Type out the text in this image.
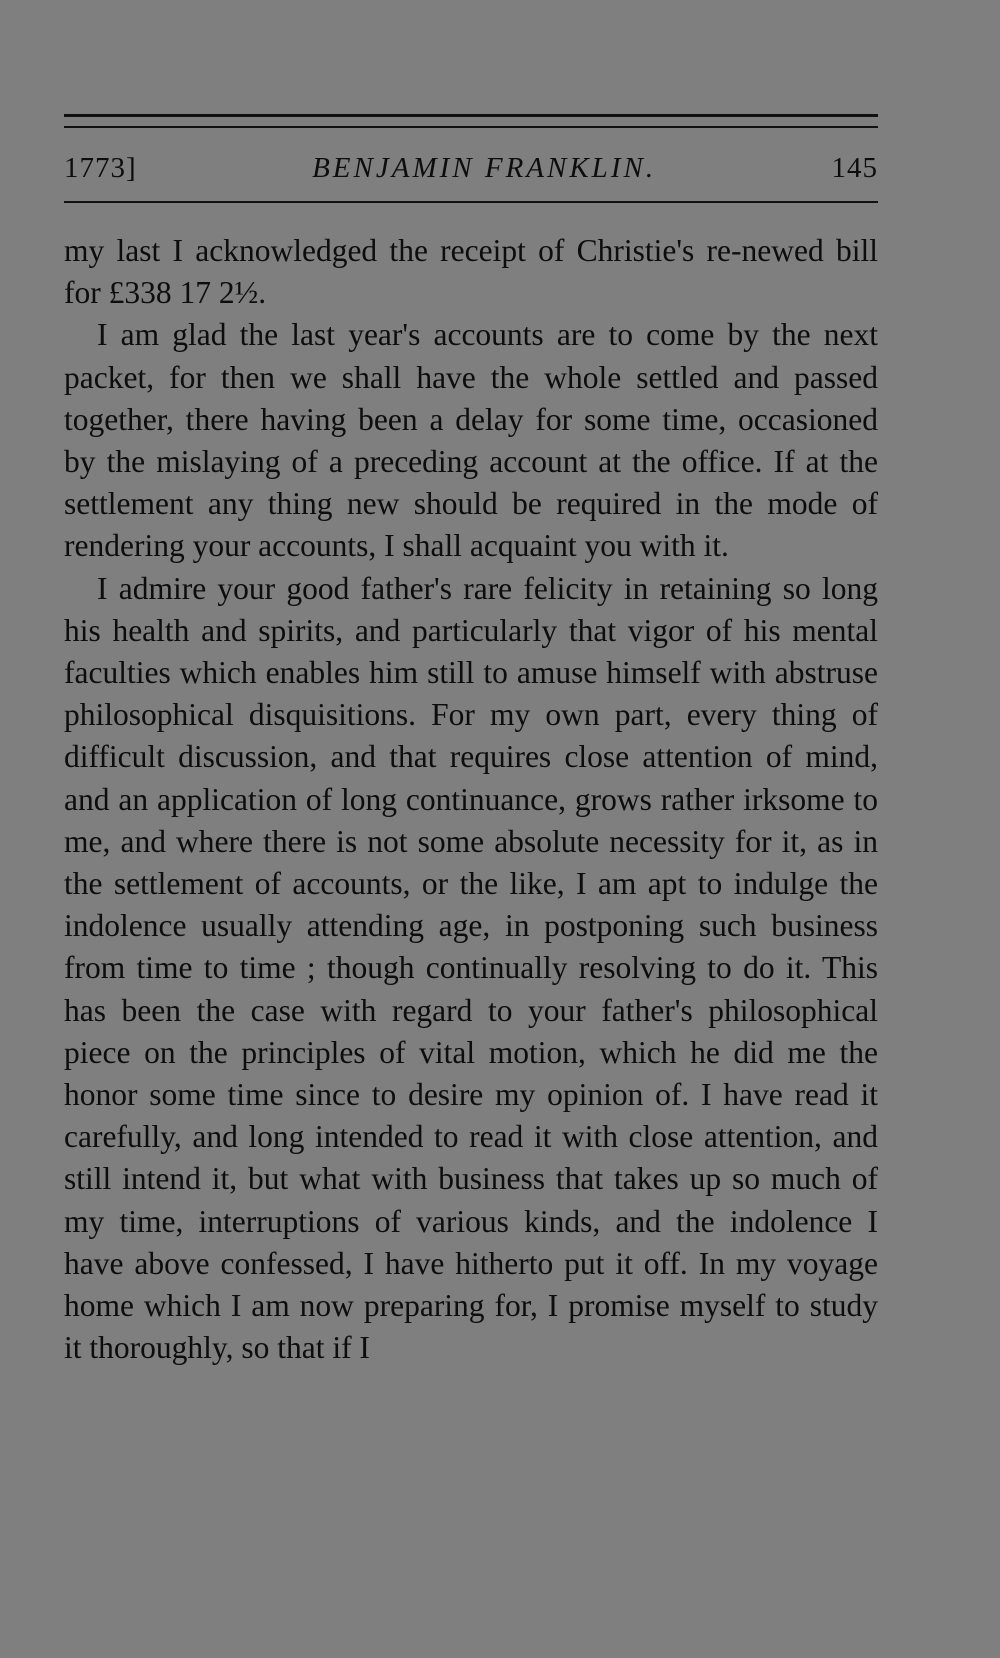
1773]	BENJAMIN FRANKLIN.	145

my last I acknowledged the receipt of Christie's re-newed bill for £338 17 2½.

I am glad the last year's accounts are to come by the next packet, for then we shall have the whole settled and passed together, there having been a delay for some time, occasioned by the mislaying of a preceding account at the office. If at the settlement any thing new should be required in the mode of rendering your accounts, I shall acquaint you with it.

I admire your good father's rare felicity in retaining so long his health and spirits, and particularly that vigor of his mental faculties which enables him still to amuse himself with abstruse philosophical disquisitions. For my own part, every thing of difficult discussion, and that requires close attention of mind, and an application of long continuance, grows rather irksome to me, and where there is not some absolute necessity for it, as in the settlement of accounts, or the like, I am apt to indulge the indolence usually attending age, in postponing such business from time to time ; though continually resolving to do it. This has been the case with regard to your father's philosophical piece on the principles of vital motion, which he did me the honor some time since to desire my opinion of. I have read it carefully, and long intended to read it with close attention, and still intend it, but what with business that takes up so much of my time, interruptions of various kinds, and the indolence I have above confessed, I have hitherto put it off. In my voyage home which I am now preparing for, I promise myself to study it thoroughly, so that if I
